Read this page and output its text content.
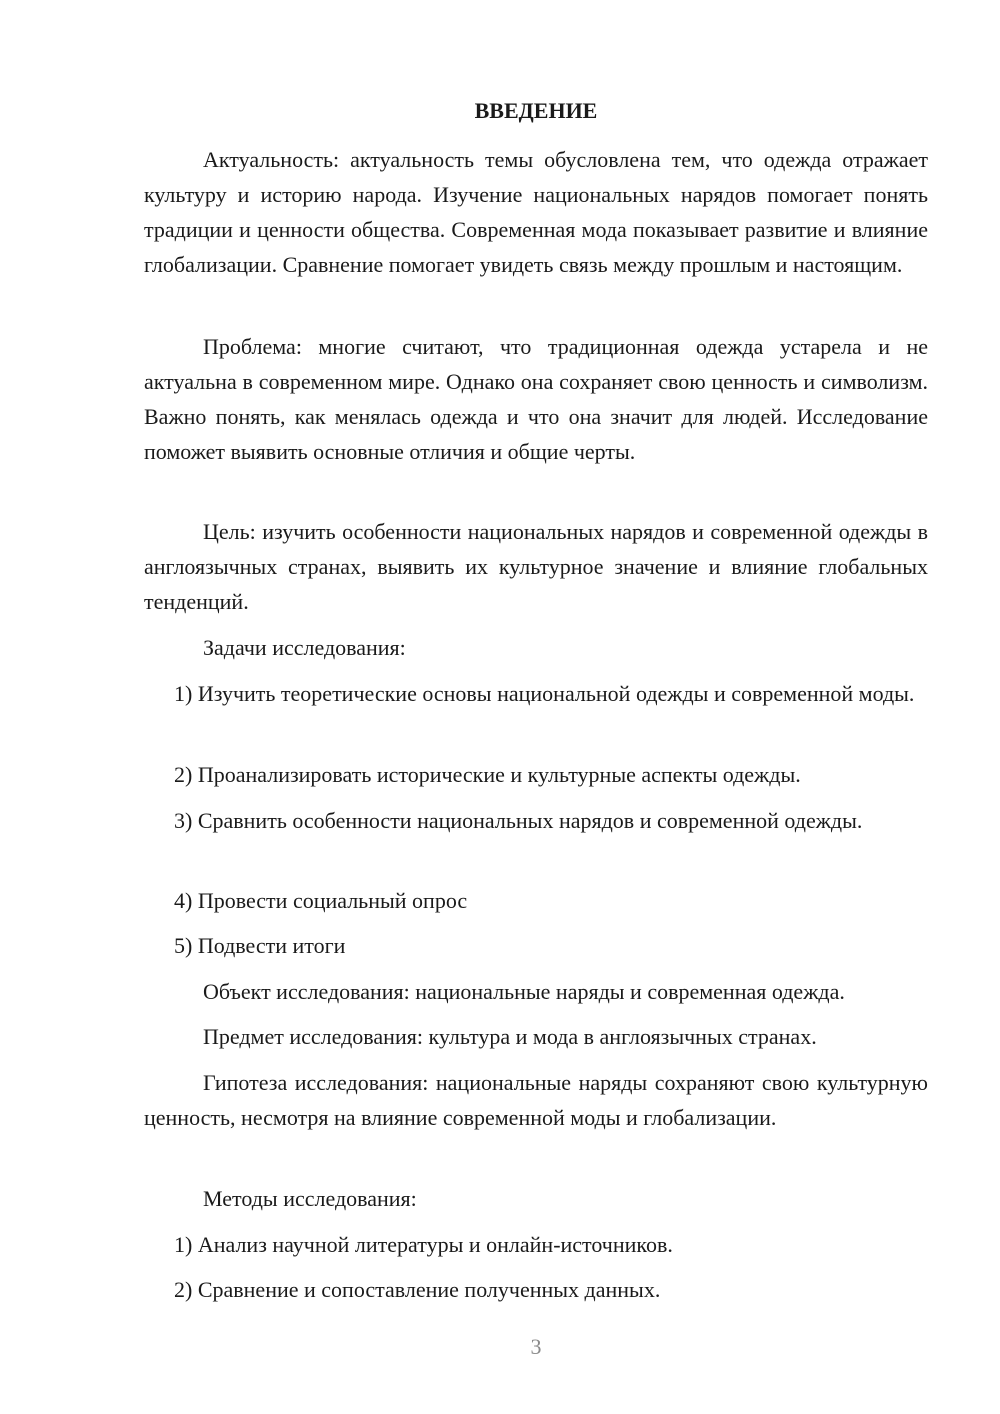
ВВЕДЕНИЕ

Актуальность: актуальность темы обусловлена тем, что одежда отражает культуру и историю народа. Изучение национальных нарядов помогает понять традиции и ценности общества. Современная мода показывает развитие и влияние глобализации. Сравнение помогает увидеть связь между прошлым и настоящим.

Проблема: многие считают, что традиционная одежда устарела и не актуальна в современном мире. Однако она сохраняет свою ценность и символизм. Важно понять, как менялась одежда и что она значит для людей. Исследование поможет выявить основные отличия и общие черты.

Цель: изучить особенности национальных нарядов и современной одежды в англоязычных странах, выявить их культурное значение и влияние глобальных тенденций.

Задачи исследования:

1) Изучить теоретические основы национальной одежды и современной моды.

2) Проанализировать исторические и культурные аспекты одежды.

3) Сравнить особенности национальных нарядов и современной одежды.

4) Провести социальный опрос

5) Подвести итоги

Объект исследования: национальные наряды и современная одежда.

Предмет исследования: культура и мода в англоязычных странах.

Гипотеза исследования: национальные наряды сохраняют свою культурную ценность, несмотря на влияние современной моды и глобализации.

Методы исследования:

1) Анализ научной литературы и онлайн-источников.

2) Сравнение и сопоставление полученных данных.

3
